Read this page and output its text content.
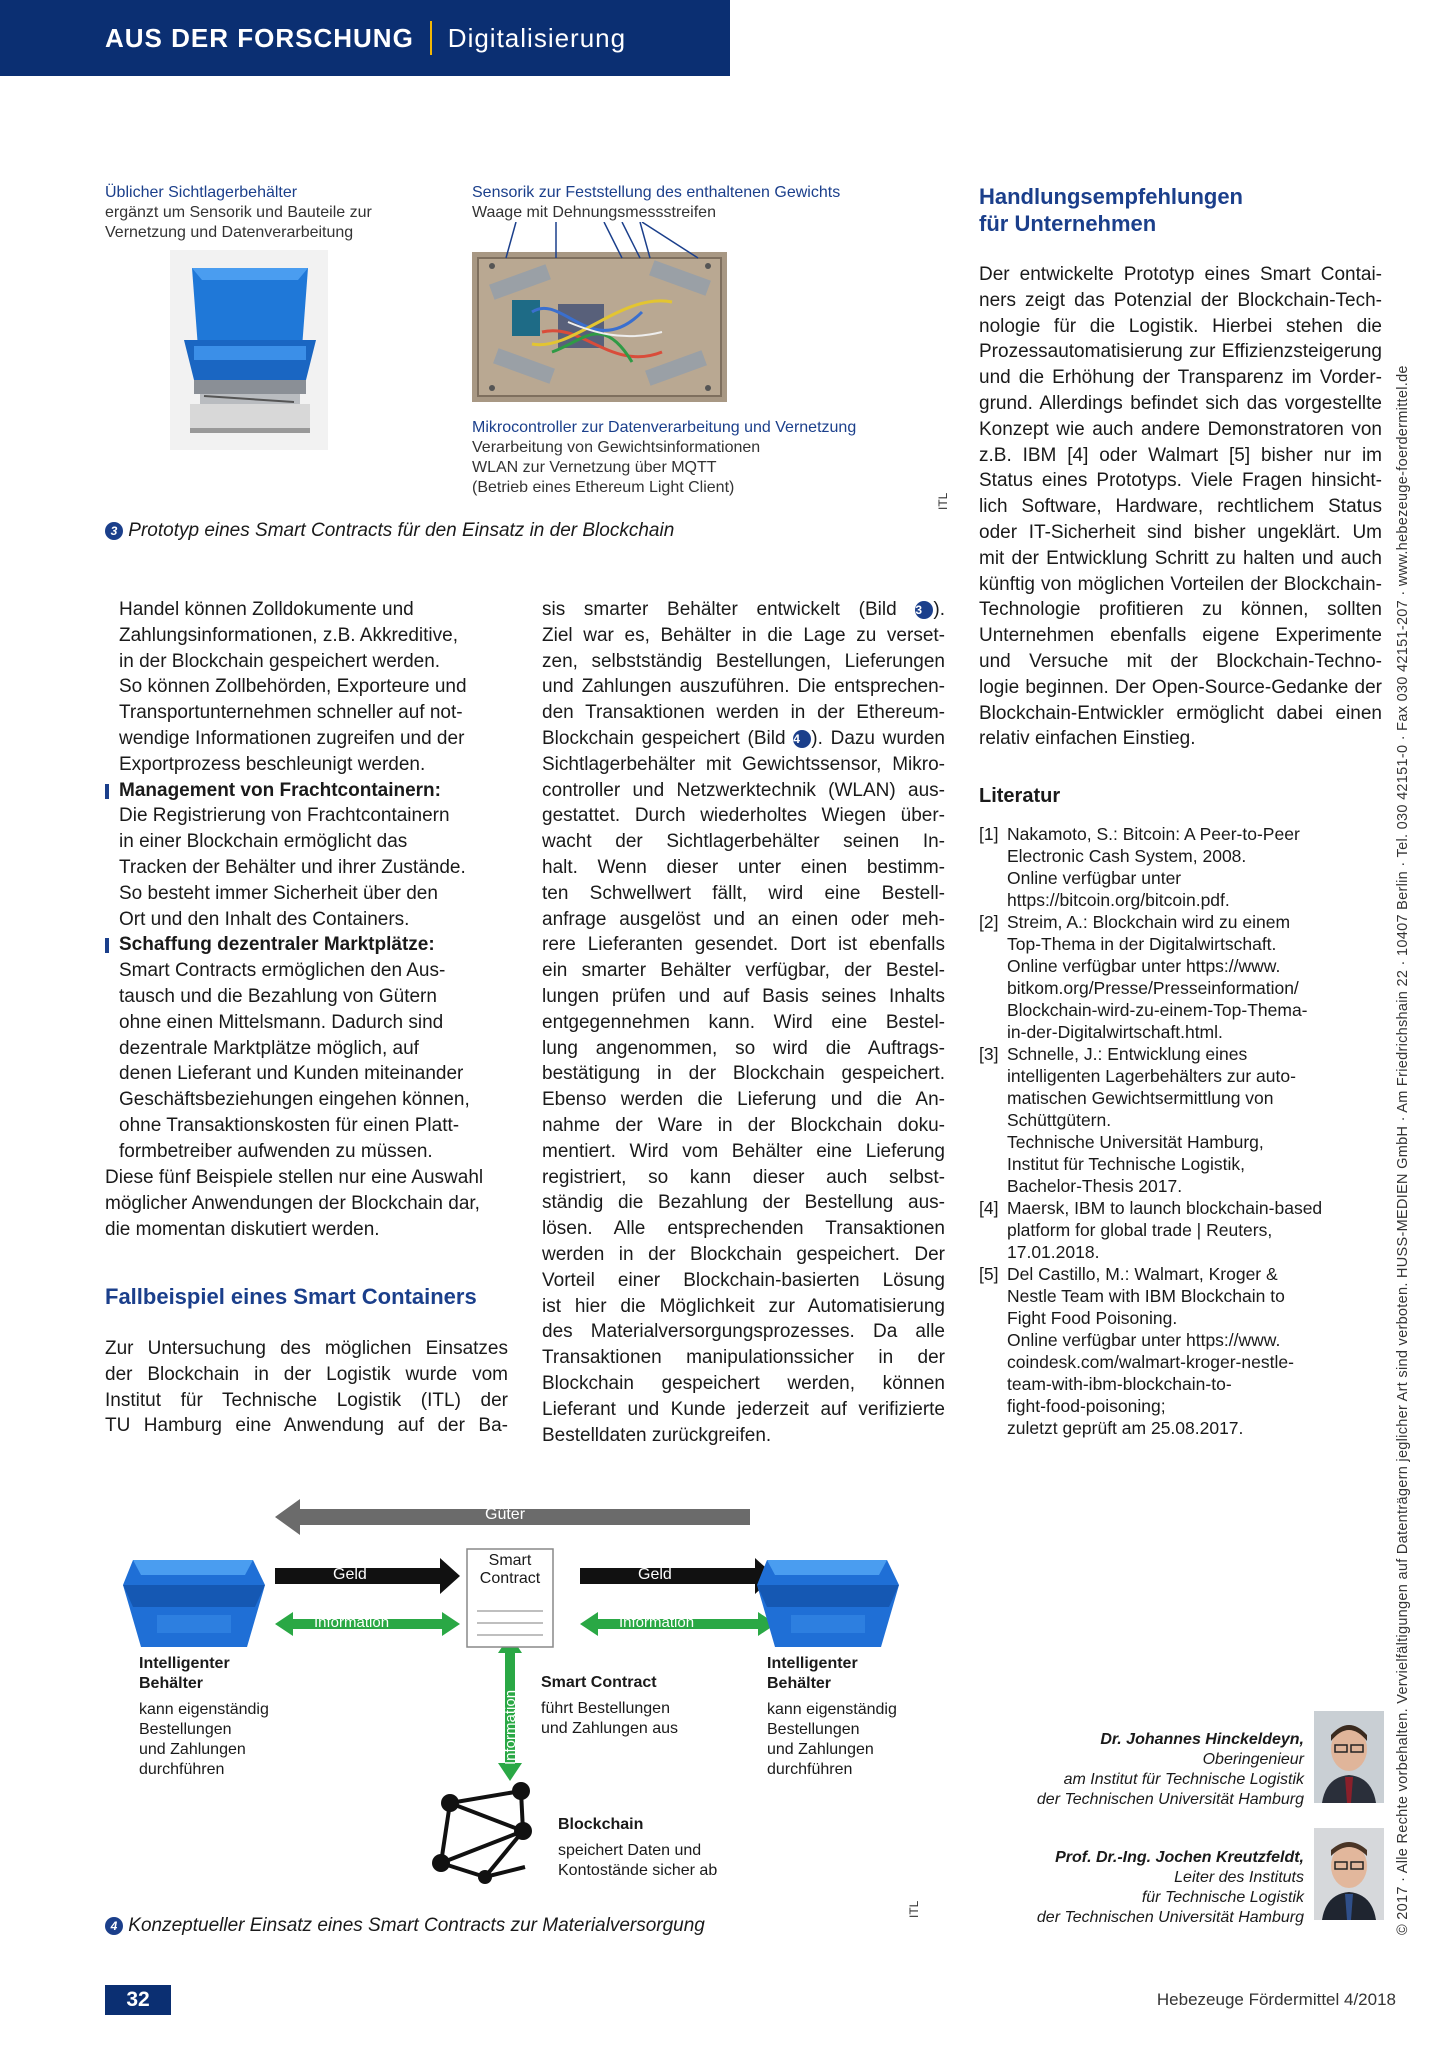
AUS DER FORSCHUNG Digitalisierung
Üblicher Sichtlagerbehälter
ergänzt um Sensorik und Bauteile zur
Vernetzung und Datenverarbeitung
Sensorik zur Feststellung des enthaltenen Gewichts
Waage mit Dehnungsmessstreifen
Mikrocontroller zur Datenverarbeitung und Vernetzung
Verarbeitung von Gewichtsinformationen
WLAN zur Vernetzung über MQTT
(Betrieb eines Ethereum Light Client)
ITL
3 Prototyp eines Smart Contracts für den Einsatz in der Blockchain

Handel können Zolldokumente und

Zahlungsinformationen, z.B. Akkreditive,

in der Blockchain gespeichert werden.

So können Zollbehörden, Exporteure und

Transportunternehmen schneller auf not-

wendige Informationen zugreifen und der

Exportprozess beschleunigt werden.

Management von Frachtcontainern:

Die Registrierung von Frachtcontainern

in einer Blockchain ermöglicht das

Tracken der Behälter und ihrer Zustände.

So besteht immer Sicherheit über den

Ort und den Inhalt des Containers.

Schaffung dezentraler Marktplätze:

Smart Contracts ermöglichen den Aus-

tausch und die Bezahlung von Gütern

ohne einen Mittelsmann. Dadurch sind

dezentrale Marktplätze möglich, auf

denen Lieferant und Kunden miteinander

Geschäftsbeziehungen eingehen können,

ohne Transaktionskosten für einen Platt-

formbetreiber aufwenden zu müssen.

Diese fünf Beispiele stellen nur eine Auswahl

möglicher Anwendungen der Blockchain dar,

die momentan diskutiert werden.

Fallbeispiel eines Smart Containers

Zur Untersuchung des möglichen Einsatzes

der Blockchain in der Logistik wurde vom

Institut für Technische Logistik (ITL) der

TU Hamburg eine Anwendung auf der Ba-

sis smarter Behälter entwickelt (Bild 3 ).

Ziel war es, Behälter in die Lage zu verset-

zen, selbstständig Bestellungen, Lieferungen

und Zahlungen auszuführen. Die entsprechen-

den Transaktionen werden in der Ethereum-

Blockchain gespeichert (Bild 4 ). Dazu wurden

Sichtlagerbehälter mit Gewichtssensor, Mikro-

controller und Netzwerktechnik (WLAN) aus-

gestattet. Durch wiederholtes Wiegen über-

wacht der Sichtlagerbehälter seinen In-

halt. Wenn dieser unter einen bestimm-

ten Schwellwert fällt, wird eine Bestell-

anfrage ausgelöst und an einen oder meh-

rere Lieferanten gesendet. Dort ist ebenfalls

ein smarter Behälter verfügbar, der Bestel-

lungen prüfen und auf Basis seines Inhalts

entgegennehmen kann. Wird eine Bestel-

lung angenommen, so wird die Auftrags-

bestätigung in der Blockchain gespeichert.

Ebenso werden die Lieferung und die An-

nahme der Ware in der Blockchain doku-

mentiert. Wird vom Behälter eine Lieferung

registriert, so kann dieser auch selbst-

ständig die Bezahlung der Bestellung aus-

lösen. Alle entsprechenden Transaktionen

werden in der Blockchain gespeichert. Der

Vorteil einer Blockchain-basierten Lösung

ist hier die Möglichkeit zur Automatisierung

des Materialversorgungsprozesses. Da alle

Transaktionen manipulationssicher in der

Blockchain gespeichert werden, können

Lieferant und Kunde jederzeit auf verifizierte

Bestelldaten zurückgreifen.

Handlungsempfehlungen
für Unternehmen

Der entwickelte Prototyp eines Smart Contai-

ners zeigt das Potenzial der Blockchain-Tech-

nologie für die Logistik. Hierbei stehen die

Prozessautomatisierung zur Effizienzsteigerung

und die Erhöhung der Transparenz im Vorder-

grund. Allerdings befindet sich das vorgestellte

Konzept wie auch andere Demonstratoren von

z.B. IBM [4] oder Walmart [5] bisher nur im

Status eines Prototyps. Viele Fragen hinsicht-

lich Software, Hardware, rechtlichem Status

oder IT-Sicherheit sind bisher ungeklärt. Um

mit der Entwicklung Schritt zu halten und auch

künftig von möglichen Vorteilen der Blockchain-

Technologie profitieren zu können, sollten

Unternehmen ebenfalls eigene Experimente

und Versuche mit der Blockchain-Techno-

logie beginnen. Der Open-Source-Gedanke der

Blockchain-Entwickler ermöglicht dabei einen

relativ einfachen Einstieg.

Literatur
[1] Nakamoto, S.: Bitcoin: A Peer-to-Peer
Electronic Cash System, 2008.
Online verfügbar unter
https://bitcoin.org/bitcoin.pdf.
[2] Streim, A.: Blockchain wird zu einem
Top-Thema in der Digitalwirtschaft.
Online verfügbar unter https://www.
bitkom.org/Presse/Presseinformation/
Blockchain-wird-zu-einem-Top-Thema-
in-der-Digitalwirtschaft.html.
[3] Schnelle, J.: Entwicklung eines
intelligenten Lagerbehälters zur auto-
matischen Gewichtsermittlung von
Schüttgütern.
Technische Universität Hamburg,
Institut für Technische Logistik,
Bachelor-Thesis 2017.
[4] Maersk, IBM to launch blockchain-based
platform for global trade | Reuters,
17.01.2018.
[5] Del Castillo, M.: Walmart, Kroger &
Nestle Team with IBM Blockchain to
Fight Food Poisoning.
Online verfügbar unter https://www.
coindesk.com/walmart-kroger-nestle-
team-with-ibm-blockchain-to-
fight-food-poisoning;
zuletzt geprüft am 25.08.2017.
Güter
Geld	Geld
Smart
Contract
Information	Information
Information
Intelligenter
Behälter
kann eigenständig
Bestellungen
und Zahlungen
durchführen
Intelligenter
Behälter
kann eigenständig
Bestellungen
und Zahlungen
durchführen
Smart Contract
führt Bestellungen
und Zahlungen aus
Blockchain
speichert Daten und
Kontostände sicher ab
ITL
4 Konzeptueller Einsatz eines Smart Contracts zur Materialversorgung
Dr. Johannes Hinckeldeyn,
Oberingenieur
am Institut für Technische Logistik
der Technischen Universität Hamburg
Prof. Dr.-Ing. Jochen Kreutzfeldt,
Leiter des Instituts
für Technische Logistik
der Technischen Universität Hamburg	© 2017 · Alle Rechte vorbehalten. Vervielfältigungen auf Datenträgern jeglicher Art sind verboten. HUSS-MEDIEN GmbH · Am Friedrichshain 22 · 10407 Berlin · Tel. 030 42151-0 · Fax 030 42151-207 · www.hebezeuge-foerdermittel.de
32	Hebezeuge Fördermittel 4/2018
